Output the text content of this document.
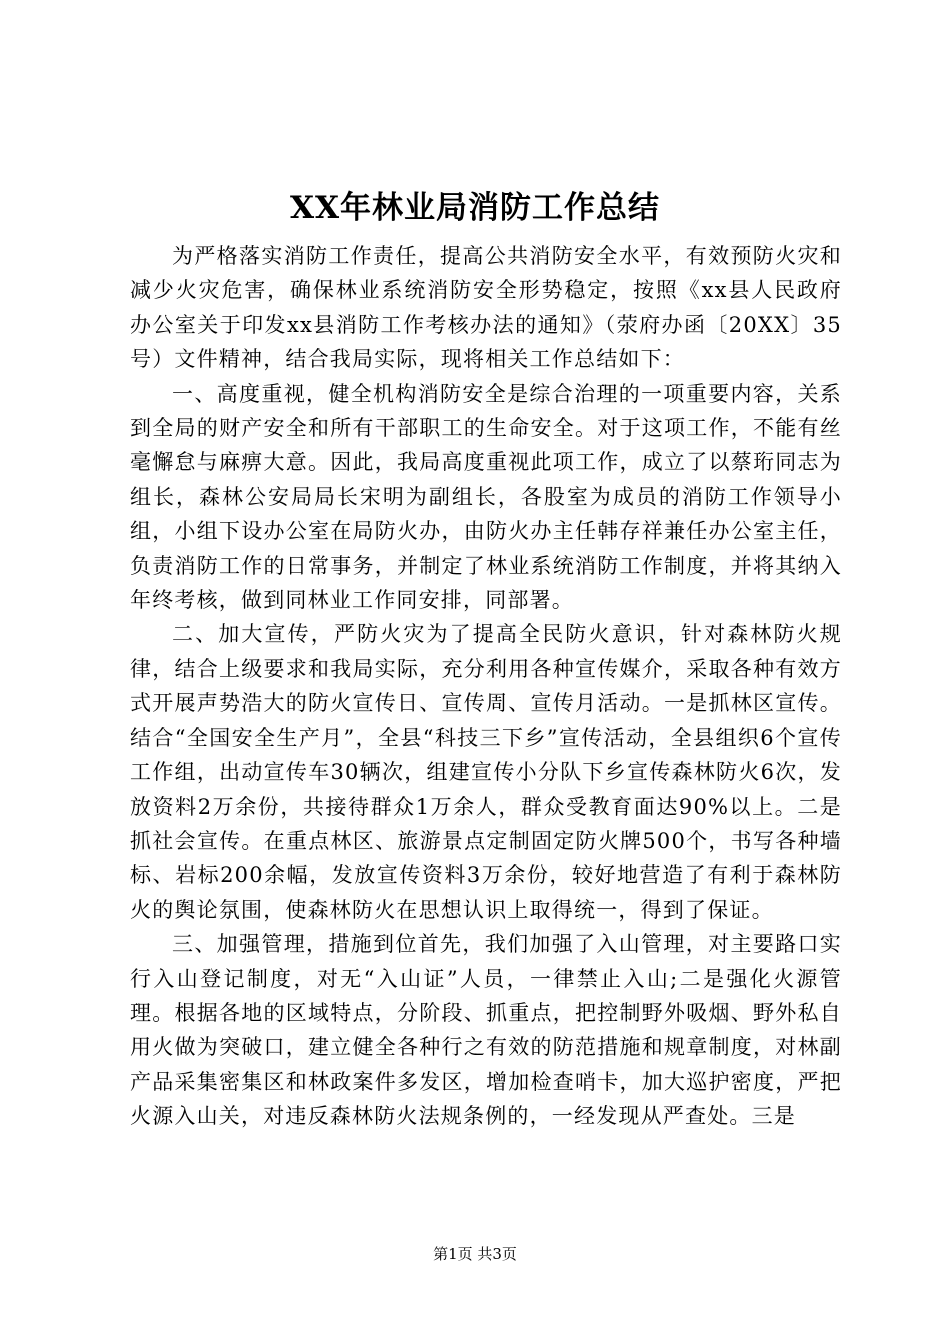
XX年林业局消防工作总结

为严格落实消防工作责任，提高公共消防安全水平，有效预防火灾和减少火灾危害，确保林业系统消防安全形势稳定，按照《xx县人民政府办公室关于印发xx县消防工作考核办法的通知》（荥府办函〔20XX〕35号）文件精神，结合我局实际，现将相关工作总结如下：

一、高度重视，健全机构消防安全是综合治理的一项重要内容，关系到全局的财产安全和所有干部职工的生命安全。对于这项工作，不能有丝毫懈怠与麻痹大意。因此，我局高度重视此项工作，成立了以蔡珩同志为组长，森林公安局局长宋明为副组长，各股室为成员的消防工作领导小组，小组下设办公室在局防火办，由防火办主任韩存祥兼任办公室主任，负责消防工作的日常事务，并制定了林业系统消防工作制度，并将其纳入年终考核，做到同林业工作同安排，同部署。

二、加大宣传，严防火灾为了提高全民防火意识，针对森林防火规律，结合上级要求和我局实际，充分利用各种宣传媒介，采取各种有效方式开展声势浩大的防火宣传日、宣传周、宣传月活动。一是抓林区宣传。结合“全国安全生产月”，全县“科技三下乡”宣传活动，全县组织6个宣传工作组，出动宣传车30辆次，组建宣传小分队下乡宣传森林防火6次，发放资料2万余份，共接待群众1万余人，群众受教育面达90%以上。二是抓社会宣传。在重点林区、旅游景点定制固定防火牌500个，书写各种墙标、岩标200余幅，发放宣传资料3万余份，较好地营造了有利于森林防火的舆论氛围，使森林防火在思想认识上取得统一，得到了保证。

三、加强管理，措施到位首先，我们加强了入山管理，对主要路口实行入山登记制度，对无“入山证”人员，一律禁止入山;二是强化火源管理。根据各地的区域特点，分阶段、抓重点，把控制野外吸烟、野外私自用火做为突破口，建立健全各种行之有效的防范措施和规章制度，对林副产品采集密集区和林政案件多发区，增加检查哨卡，加大巡护密度，严把火源入山关，对违反森林防火法规条例的，一经发现从严查处。三是

第1页 共3页
